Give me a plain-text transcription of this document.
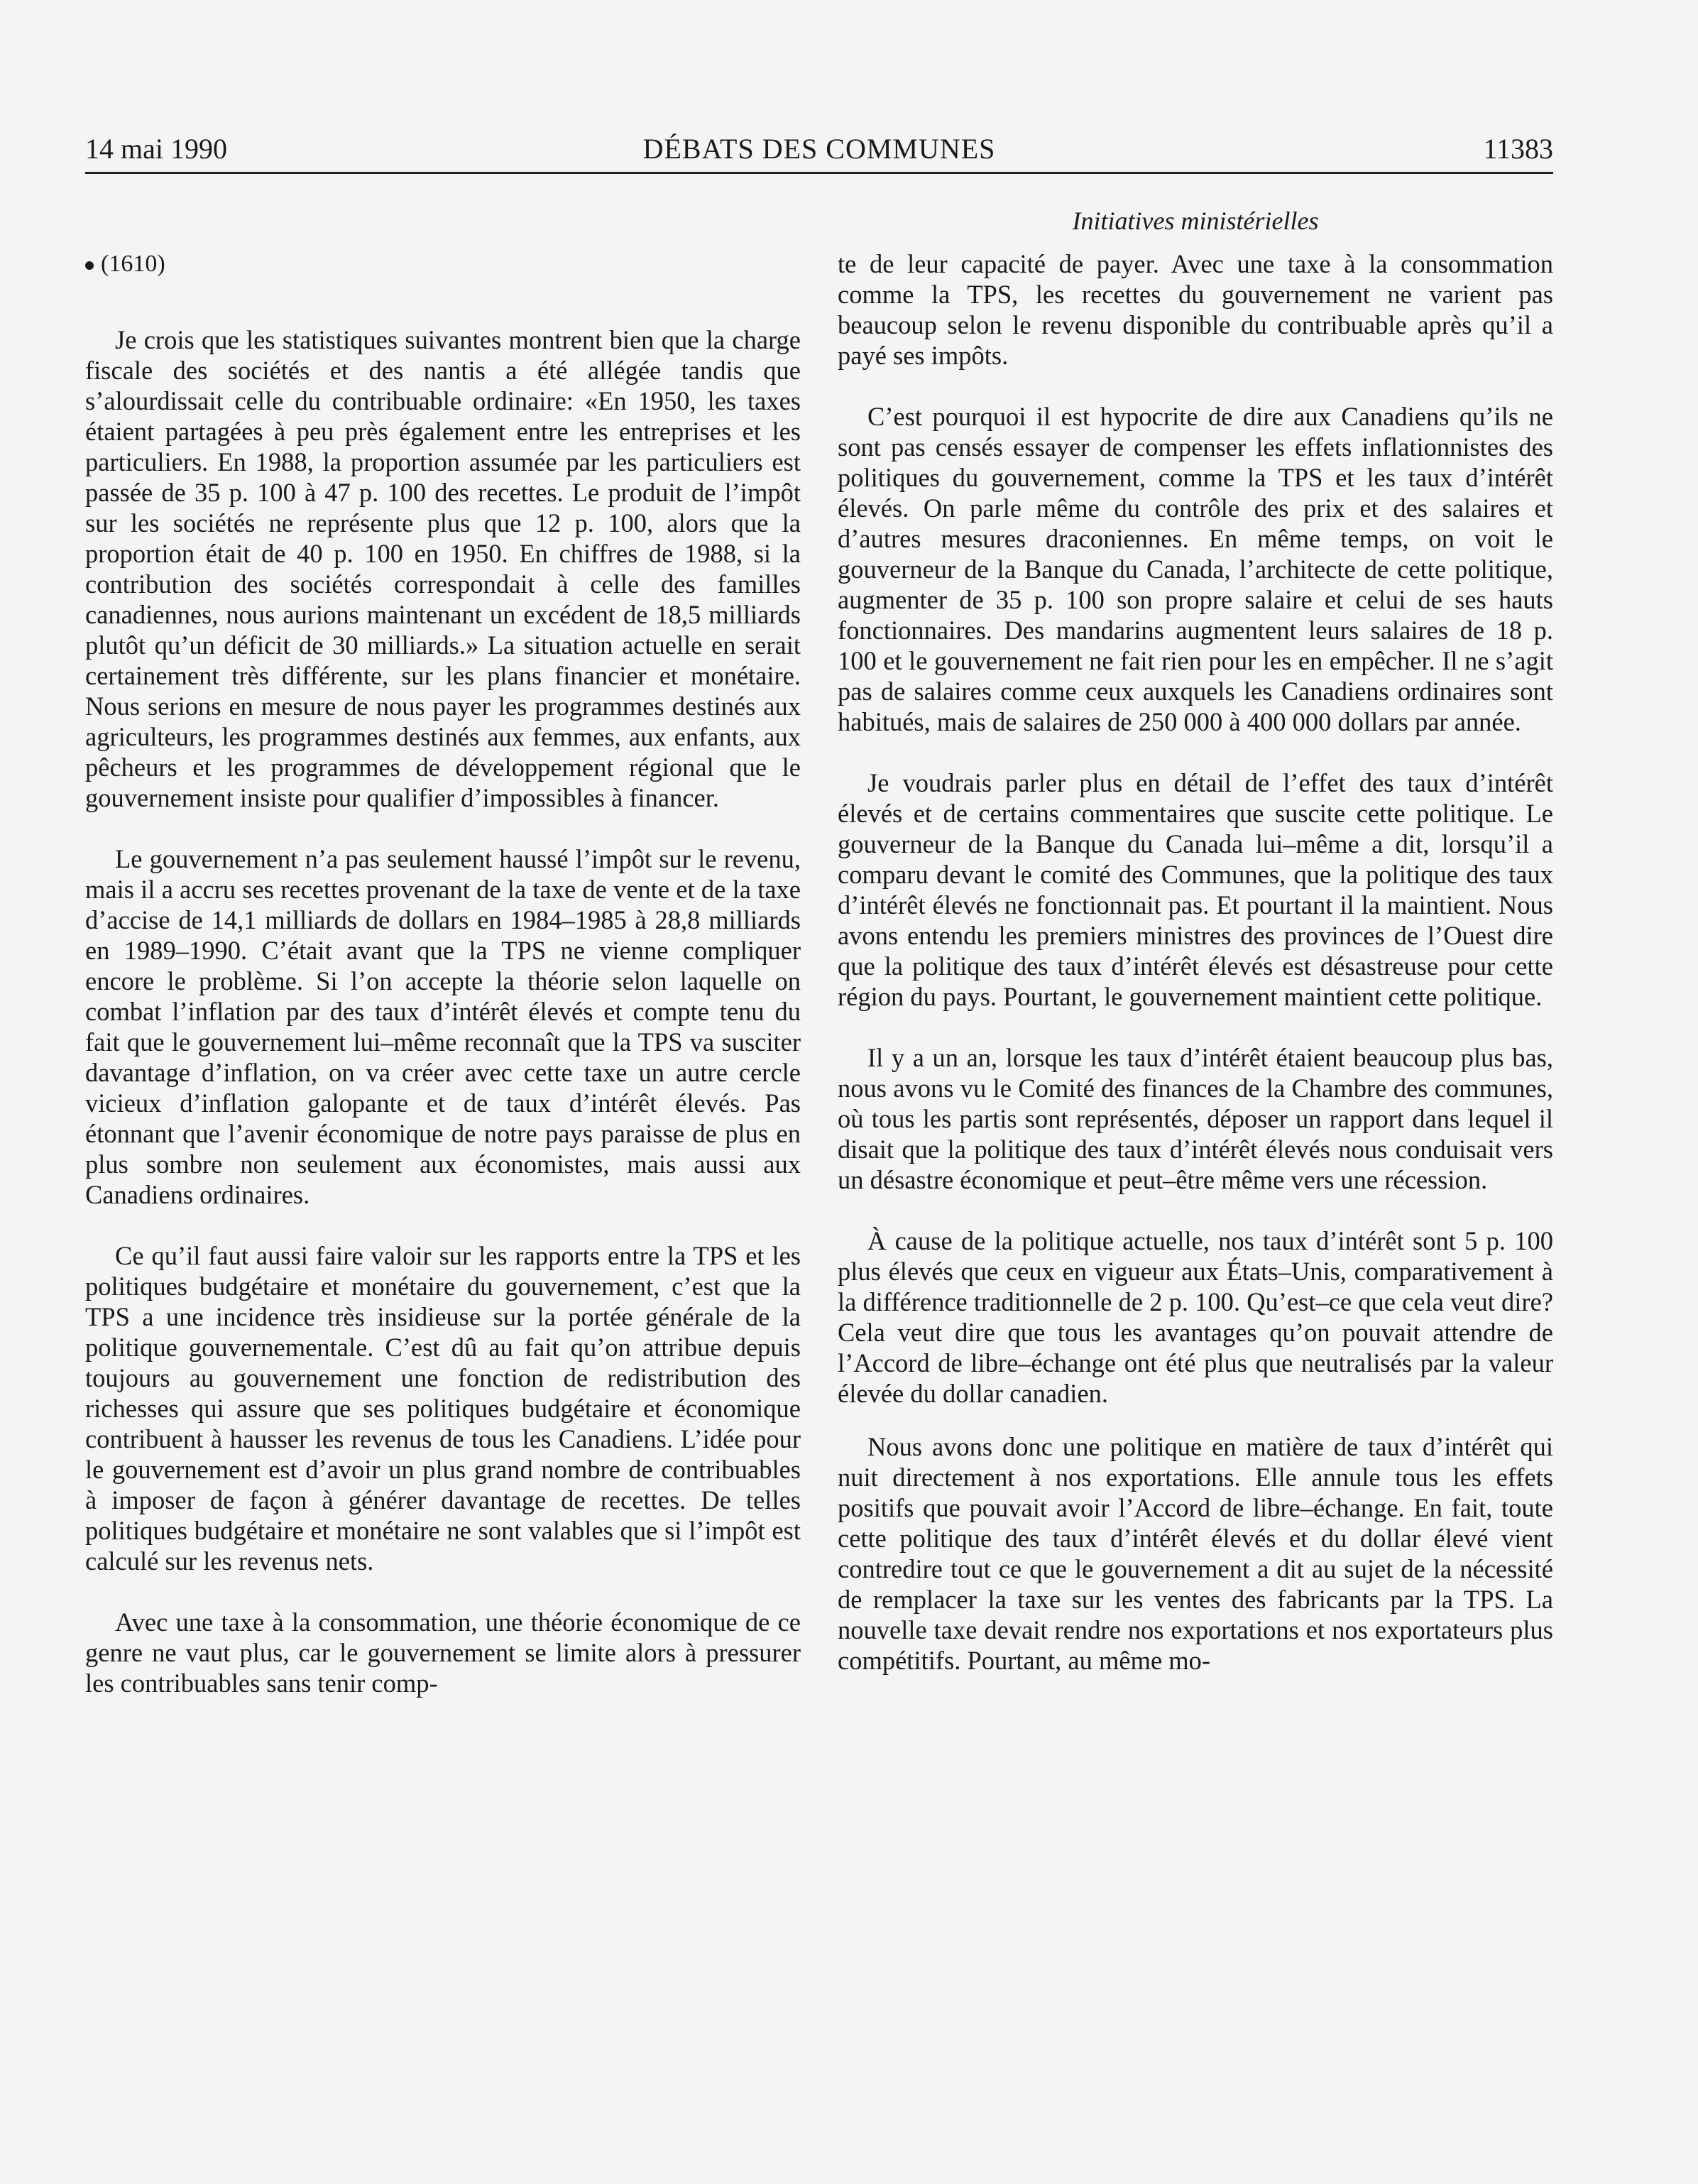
14 mai 1990	DÉBATS DES COMMUNES	11383
Initiatives ministérielles
(1610)

Je crois que les statistiques suivantes montrent bien que la charge fiscale des sociétés et des nantis a été allégée tandis que s’alourdissait celle du contribuable ordinaire: «En 1950, les taxes étaient partagées à peu près également entre les entreprises et les particuliers. En 1988, la proportion assumée par les particuliers est passée de 35 p. 100 à 47 p. 100 des recettes. Le produit de l’impôt sur les sociétés ne représente plus que 12 p. 100, alors que la proportion était de 40 p. 100 en 1950. En chiffres de 1988, si la contribution des sociétés correspondait à celle des familles canadiennes, nous aurions maintenant un excédent de 18,5 milliards plutôt qu’un déficit de 30 milliards.» La situation actuelle en serait certainement très différente, sur les plans financier et monétaire. Nous serions en mesure de nous payer les programmes destinés aux agriculteurs, les programmes destinés aux femmes, aux enfants, aux pêcheurs et les programmes de développement régional que le gouvernement insiste pour qualifier d’impossibles à financer.

Le gouvernement n’a pas seulement haussé l’impôt sur le revenu, mais il a accru ses recettes provenant de la taxe de vente et de la taxe d’accise de 14,1 milliards de dollars en 1984–1985 à 28,8 milliards en 1989–1990. C’était avant que la TPS ne vienne compliquer encore le problème. Si l’on accepte la théorie selon laquelle on combat l’inflation par des taux d’intérêt élevés et compte tenu du fait que le gouvernement lui–même reconnaît que la TPS va susciter davantage d’inflation, on va créer avec cette taxe un autre cercle vicieux d’inflation galopante et de taux d’intérêt élevés. Pas étonnant que l’avenir économique de notre pays paraisse de plus en plus sombre non seulement aux économistes, mais aussi aux Canadiens ordinaires.

Ce qu’il faut aussi faire valoir sur les rapports entre la TPS et les politiques budgétaire et monétaire du gouvernement, c’est que la TPS a une incidence très insidieuse sur la portée générale de la politique gouvernementale. C’est dû au fait qu’on attribue depuis toujours au gouvernement une fonction de redistribution des richesses qui assure que ses politiques budgétaire et économique contribuent à hausser les revenus de tous les Canadiens. L’idée pour le gouvernement est d’avoir un plus grand nombre de contribuables à imposer de façon à générer davantage de recettes. De telles politiques budgétaire et monétaire ne sont valables que si l’impôt est calculé sur les revenus nets.

Avec une taxe à la consommation, une théorie économique de ce genre ne vaut plus, car le gouvernement se limite alors à pressurer les contribuables sans tenir comp-

te de leur capacité de payer. Avec une taxe à la consommation comme la TPS, les recettes du gouvernement ne varient pas beaucoup selon le revenu disponible du contribuable après qu’il a payé ses impôts.

C’est pourquoi il est hypocrite de dire aux Canadiens qu’ils ne sont pas censés essayer de compenser les effets inflationnistes des politiques du gouvernement, comme la TPS et les taux d’intérêt élevés. On parle même du contrôle des prix et des salaires et d’autres mesures draconiennes. En même temps, on voit le gouverneur de la Banque du Canada, l’architecte de cette politique, augmenter de 35 p. 100 son propre salaire et celui de ses hauts fonctionnaires. Des mandarins augmentent leurs salaires de 18 p. 100 et le gouvernement ne fait rien pour les en empêcher. Il ne s’agit pas de salaires comme ceux auxquels les Canadiens ordinaires sont habitués, mais de salaires de 250 000 à 400 000 dollars par année.

Je voudrais parler plus en détail de l’effet des taux d’intérêt élevés et de certains commentaires que suscite cette politique. Le gouverneur de la Banque du Canada lui–même a dit, lorsqu’il a comparu devant le comité des Communes, que la politique des taux d’intérêt élevés ne fonctionnait pas. Et pourtant il la maintient. Nous avons entendu les premiers ministres des provinces de l’Ouest dire que la politique des taux d’intérêt élevés est désastreuse pour cette région du pays. Pourtant, le gouvernement maintient cette politique.

Il y a un an, lorsque les taux d’intérêt étaient beaucoup plus bas, nous avons vu le Comité des finances de la Chambre des communes, où tous les partis sont représentés, déposer un rapport dans lequel il disait que la politique des taux d’intérêt élevés nous conduisait vers un désastre économique et peut–être même vers une récession.

À cause de la politique actuelle, nos taux d’intérêt sont 5 p. 100 plus élevés que ceux en vigueur aux États–Unis, comparativement à la différence traditionnelle de 2 p. 100. Qu’est–ce que cela veut dire? Cela veut dire que tous les avantages qu’on pouvait attendre de l’Accord de libre–échange ont été plus que neutralisés par la valeur élevée du dollar canadien.

Nous avons donc une politique en matière de taux d’intérêt qui nuit directement à nos exportations. Elle annule tous les effets positifs que pouvait avoir l’Accord de libre–échange. En fait, toute cette politique des taux d’intérêt élevés et du dollar élevé vient contredire tout ce que le gouvernement a dit au sujet de la nécessité de remplacer la taxe sur les ventes des fabricants par la TPS. La nouvelle taxe devait rendre nos exportations et nos exportateurs plus compétitifs. Pourtant, au même mo-
